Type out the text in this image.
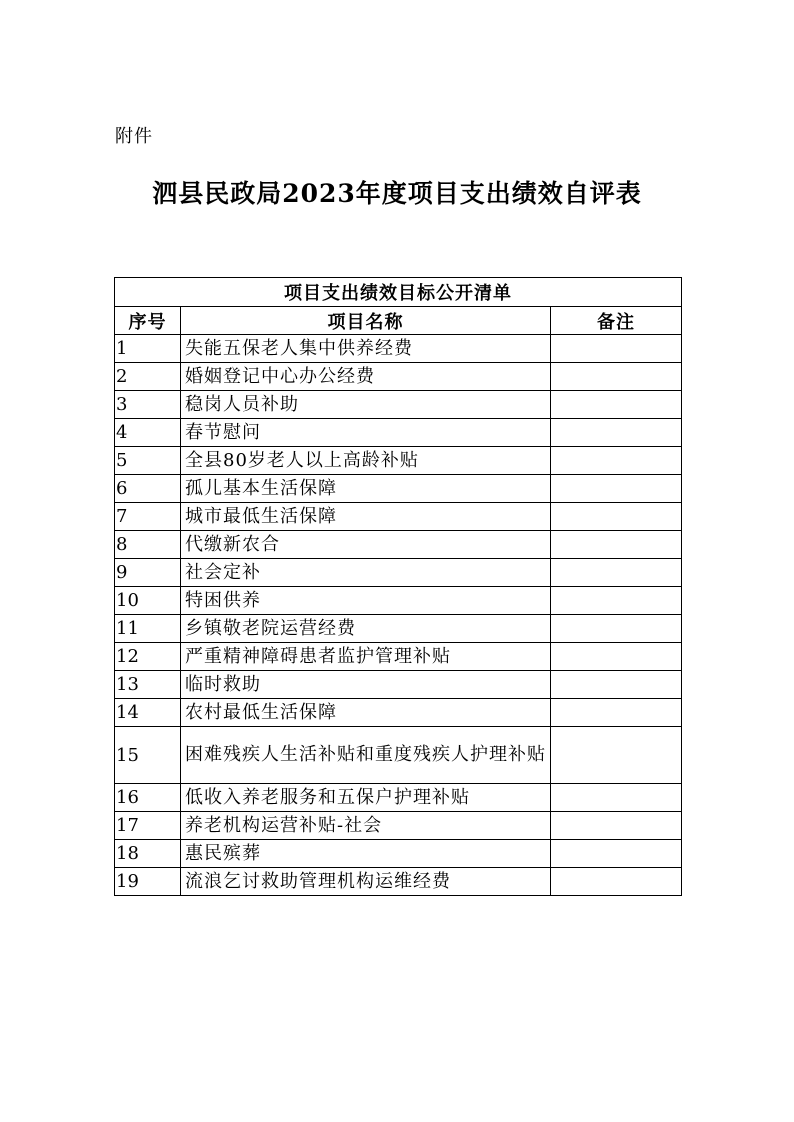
附件
泗县民政局2023年度项目支出绩效自评表
项目支出绩效目标公开清单		
序号	项目名称	备注
1	失能五保老人集中供养经费	
2	婚姻登记中心办公经费	
3	稳岗人员补助	
4	春节慰问	
5	全县80岁老人以上高龄补贴	
6	孤儿基本生活保障	
7	城市最低生活保障	
8	代缴新农合	
9	社会定补	
10	特困供养	
11	乡镇敬老院运营经费	
12	严重精神障碍患者监护管理补贴	
13	临时救助	
14	农村最低生活保障	
15	困难残疾人生活补贴和重度残疾人护理补贴	
16	低收入养老服务和五保户护理补贴	
17	养老机构运营补贴-社会	
18	惠民殡葬	
19	流浪乞讨救助管理机构运维经费	
